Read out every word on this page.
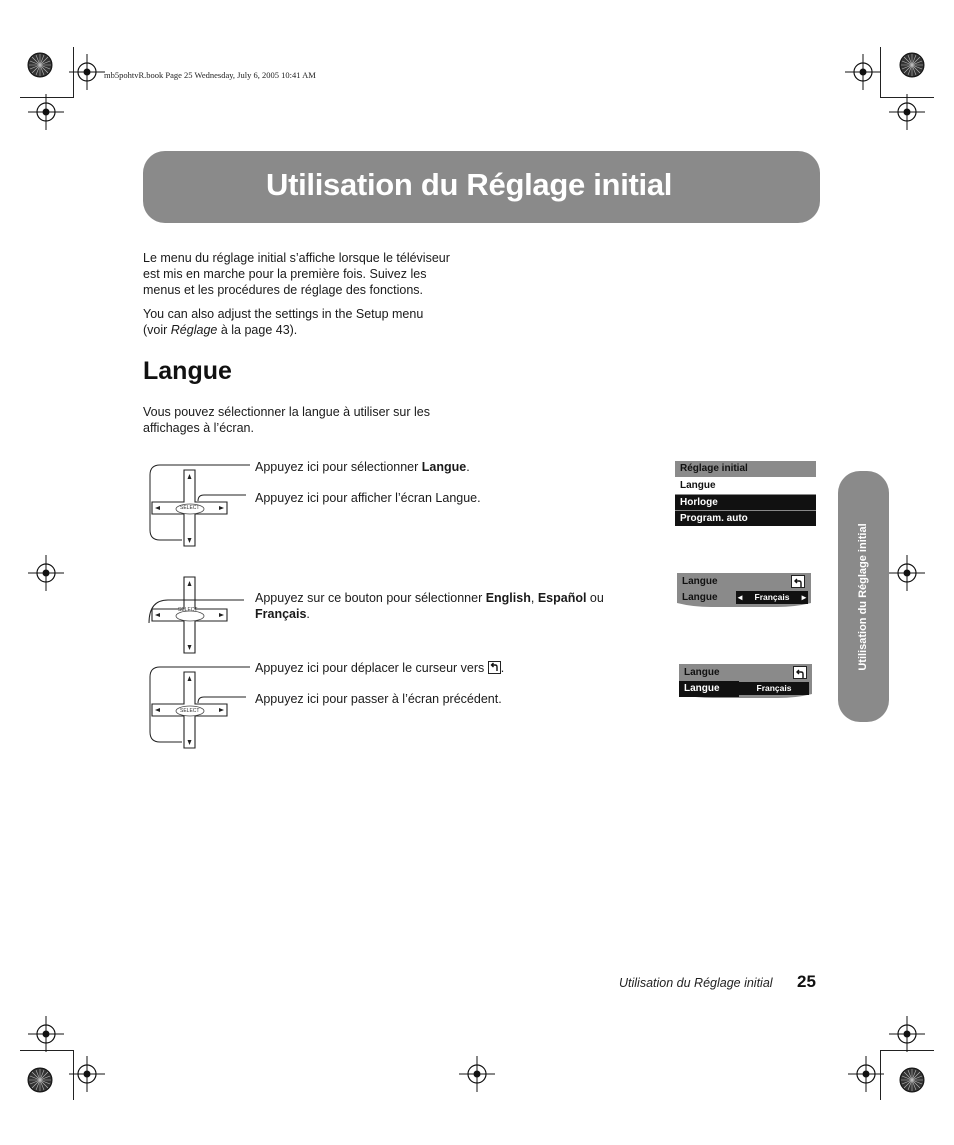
mb5pohtvR.book Page 25 Wednesday, July 6, 2005 10:41 AM
Utilisation du Réglage initial
Le menu du réglage initial s’affiche lorsque le téléviseur
est mis en marche pour la première fois. Suivez les
menus et les procédures de réglage des fonctions.
You can also adjust the settings in the Setup menu
(voir Réglage à la page 43).
Langue
Vous pouvez sélectionner la langue à utiliser sur les
affichages à l’écran.
SELECT
SELECT
SELECT
Appuyez ici pour sélectionner Langue.
Appuyez ici pour afficher l’écran Langue.
Appuyez sur ce bouton pour sélectionner English, Español ou
Français.
Appuyez ici pour déplacer le curseur vers
.
Appuyez ici pour passer à l’écran précédent.
Réglage initial
Langue
Horloge
Program. auto
Langue
Langue	◂ Français ▸
Langue
Langue	Français
Utilisation du Réglage initial
Utilisation du Réglage initial 25
